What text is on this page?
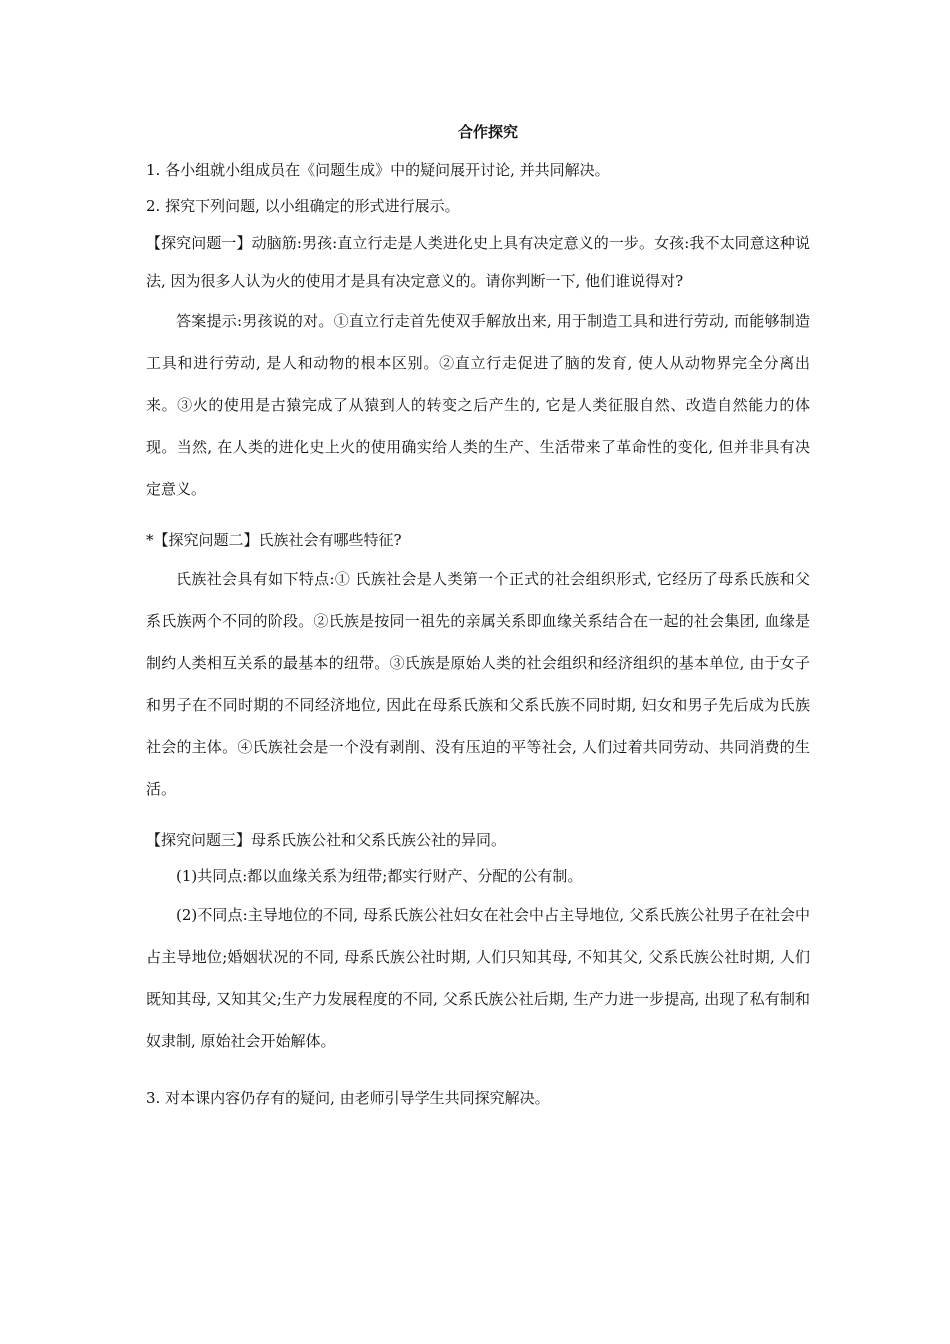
合作探究

1. 各小组就小组成员在《问题生成》中的疑问展开讨论, 并共同解决。

2. 探究下列问题, 以小组确定的形式进行展示。

【探究问题一】动脑筋:男孩:直立行走是人类进化史上具有决定意义的一步。女孩:我不太同意这种说法, 因为很多人认为火的使用才是具有决定意义的。请你判断一下, 他们谁说得对?

答案提示:男孩说的对。①直立行走首先使双手解放出来, 用于制造工具和进行劳动, 而能够制造工具和进行劳动, 是人和动物的根本区别。②直立行走促进了脑的发育, 使人从动物界完全分离出来。③火的使用是古猿完成了从猿到人的转变之后产生的, 它是人类征服自然、改造自然能力的体现。当然, 在人类的进化史上火的使用确实给人类的生产、生活带来了革命性的变化, 但并非具有决定意义。

*【探究问题二】氏族社会有哪些特征?

氏族社会具有如下特点:① 氏族社会是人类第一个正式的社会组织形式, 它经历了母系氏族和父系氏族两个不同的阶段。②氏族是按同一祖先的亲属关系即血缘关系结合在一起的社会集团, 血缘是制约人类相互关系的最基本的纽带。③氏族是原始人类的社会组织和经济组织的基本单位, 由于女子和男子在不同时期的不同经济地位, 因此在母系氏族和父系氏族不同时期, 妇女和男子先后成为氏族社会的主体。④氏族社会是一个没有剥削、没有压迫的平等社会, 人们过着共同劳动、共同消费的生活。

【探究问题三】母系氏族公社和父系氏族公社的异同。

(1)共同点:都以血缘关系为纽带;都实行财产、分配的公有制。

(2)不同点:主导地位的不同, 母系氏族公社妇女在社会中占主导地位, 父系氏族公社男子在社会中占主导地位;婚姻状况的不同, 母系氏族公社时期, 人们只知其母, 不知其父, 父系氏族公社时期, 人们既知其母, 又知其父;生产力发展程度的不同, 父系氏族公社后期, 生产力进一步提高, 出现了私有制和奴隶制, 原始社会开始解体。

3. 对本课内容仍存有的疑问, 由老师引导学生共同探究解决。
